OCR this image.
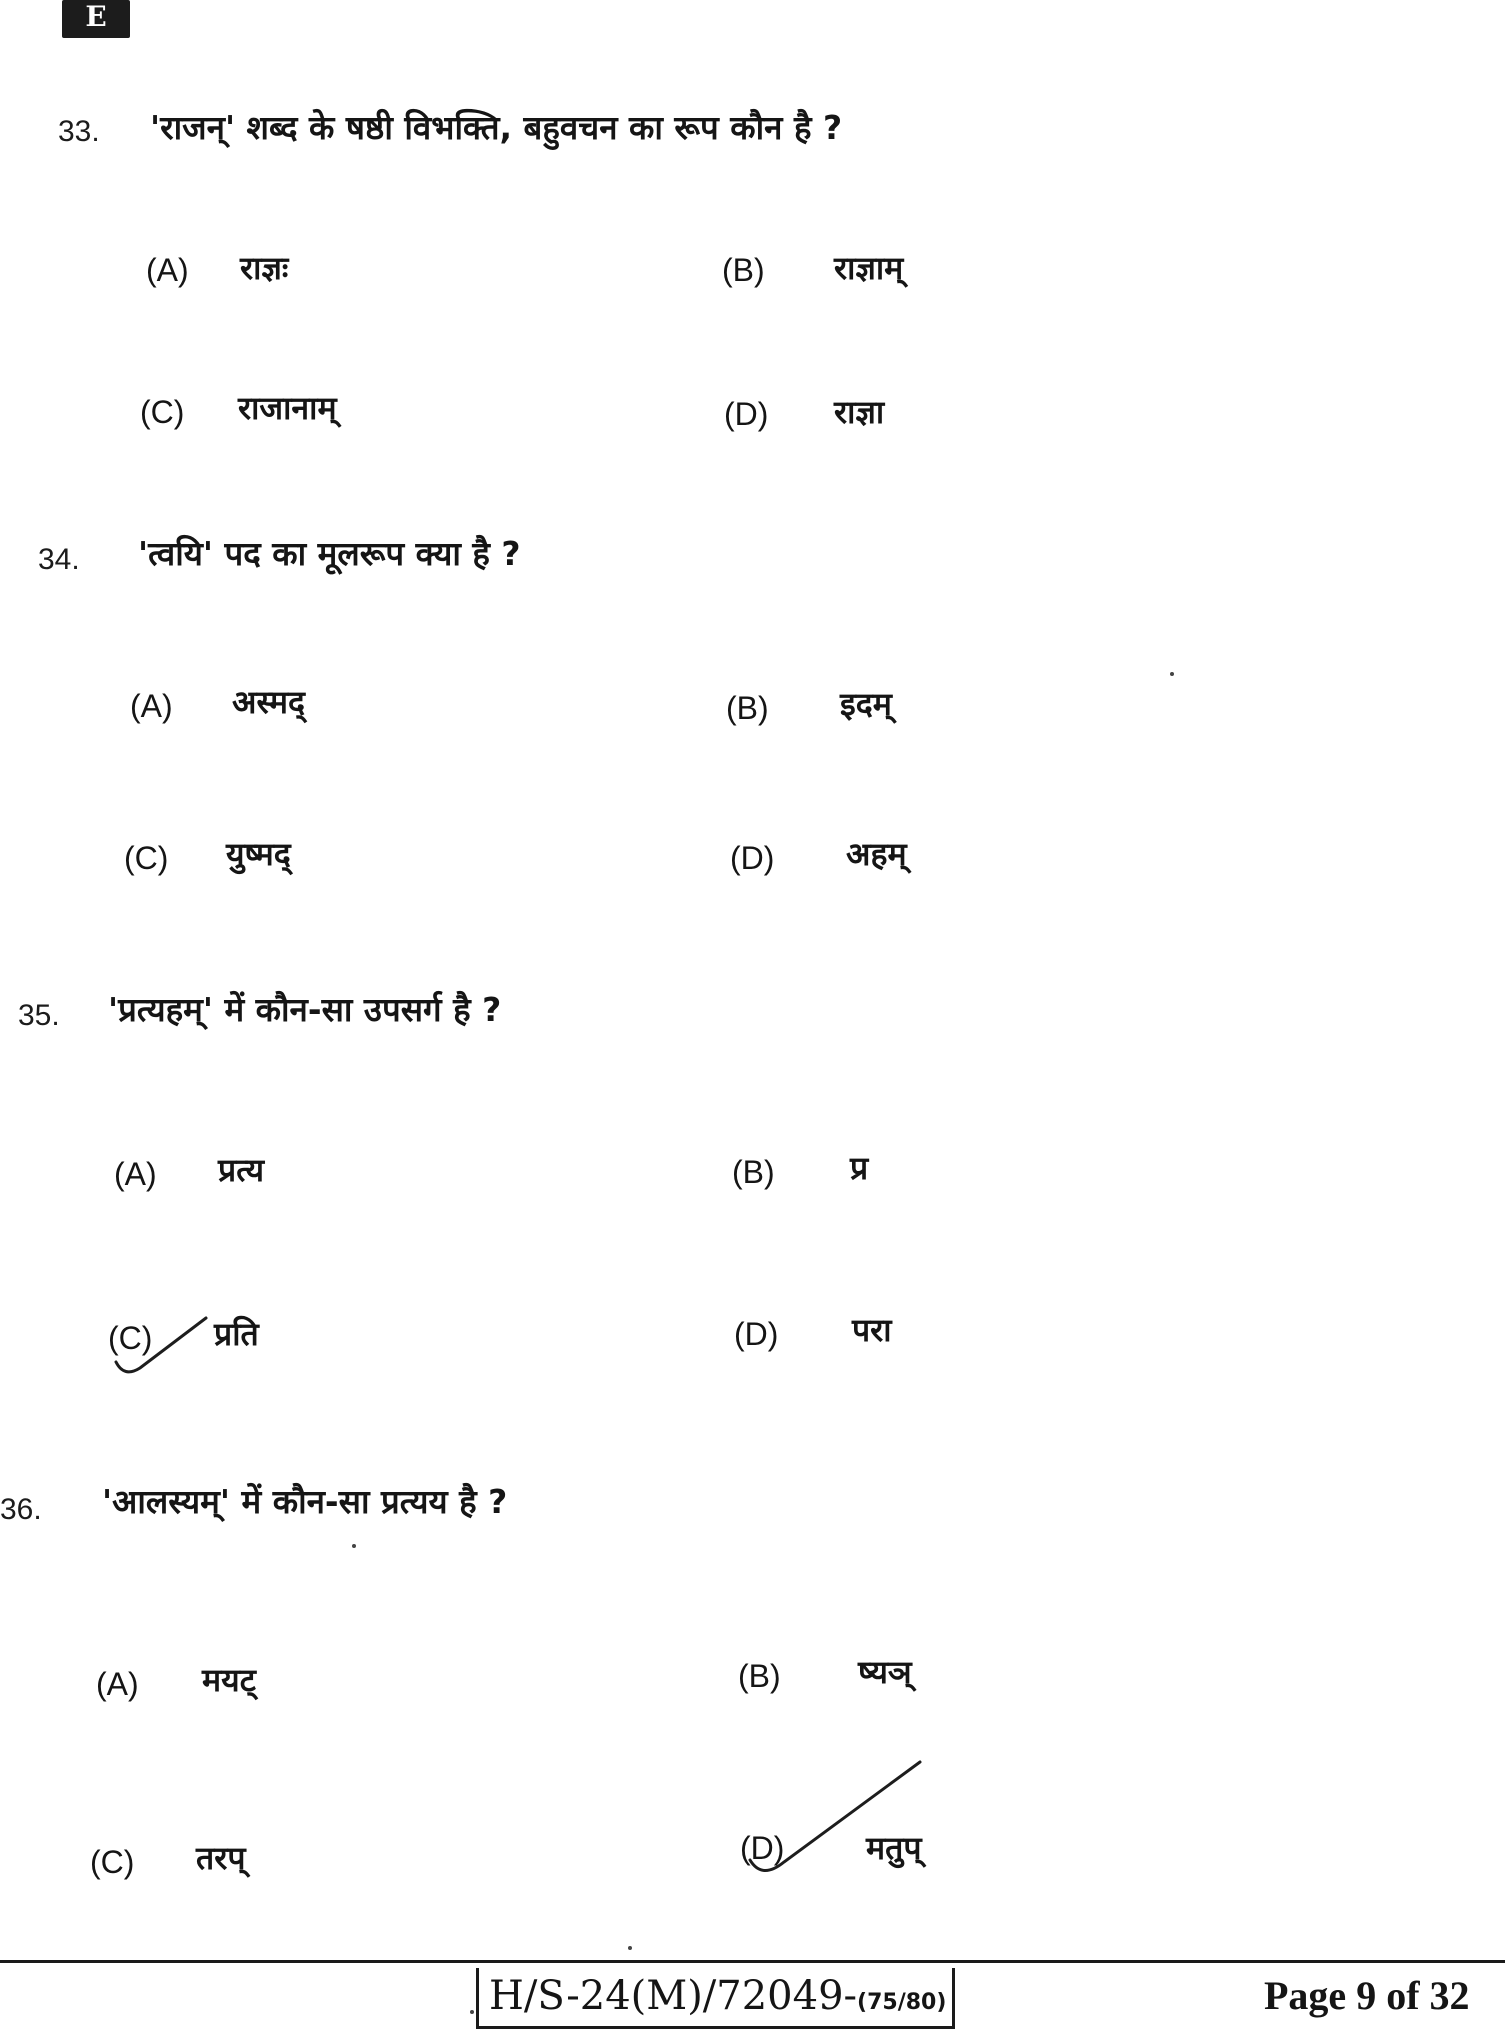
E
33. 'राजन्' शब्द के षष्ठी विभक्ति, बहुवचन का रूप कौन है ?
(A) राज्ञः	(B) राज्ञाम्
(C) राजानाम्	(D) राज्ञा
34. 'त्वयि' पद का मूलरूप क्या है ?
(A) अस्मद्	(B) इदम्
(C) युष्मद्	(D) अहम्
35. 'प्रत्यहम्' में कौन-सा उपसर्ग है ?
(A) प्रत्य	(B) प्र
(C) प्रति	(D) परा
36. 'आलस्यम्' में कौन-सा प्रत्यय है ?
(A) मयट्	(B) ष्यञ्
(C) तरप्	(D)	मतुप्
H/S-24(M)/72049-(75/80)	Page 9 of 32
